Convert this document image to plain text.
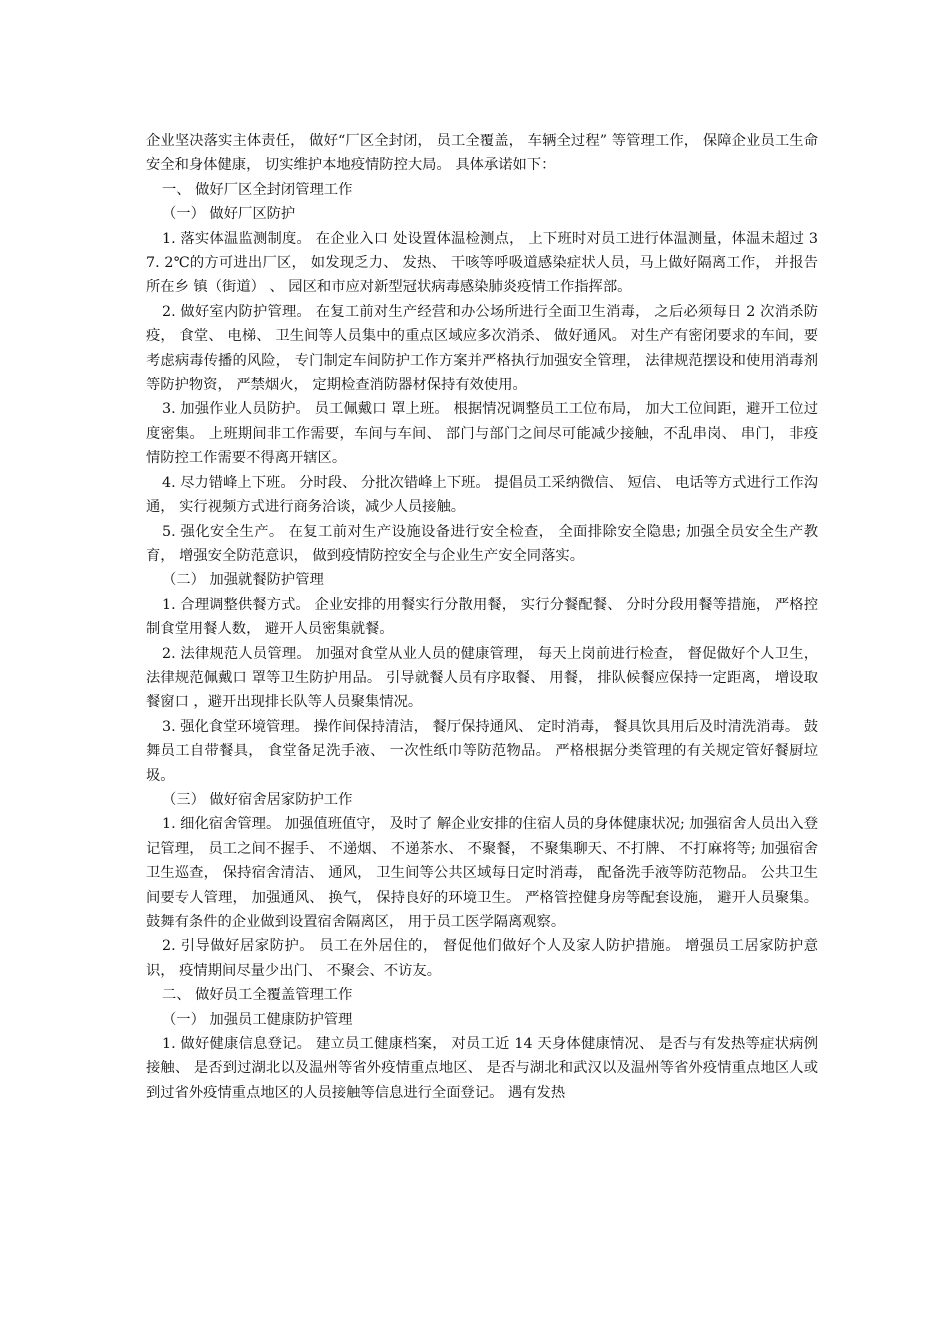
企业坚决落实主体责任， 做好“厂区全封闭， 员工全覆盖， 车辆全过程” 等管理工作， 保障企业员工生命安全和身体健康， 切实维护本地疫情防控大局。 具体承诺如下：

一、 做好厂区全封闭管理工作

（一） 做好厂区防护

1. 落实体温监测制度。 在企业入口 处设置体温检测点， 上下班时对员工进行体温测量，体温未超过 37. 2℃的方可进出厂区， 如发现乏力、 发热、 干咳等呼吸道感染症状人员，马上做好隔离工作， 并报告所在乡 镇（街道） 、 园区和市应对新型冠状病毒感染肺炎疫情工作指挥部。

2. 做好室内防护管理。 在复工前对生产经营和办公场所进行全面卫生消毒， 之后必须每日 2 次消杀防疫， 食堂、 电梯、 卫生间等人员集中的重点区域应多次消杀、 做好通风。 对生产有密闭要求的车间，要考虑病毒传播的风险， 专门制定车间防护工作方案并严格执行加强安全管理， 法律规范摆设和使用消毒剂等防护物资， 严禁烟火， 定期检查消防器材保持有效使用。

3. 加强作业人员防护。 员工佩戴口 罩上班。 根据情况调整员工工位布局， 加大工位间距，避开工位过度密集。 上班期间非工作需要，车间与车间、 部门与部门之间尽可能减少接触，不乱串岗、 串门， 非疫情防控工作需要不得离开辖区。

4. 尽力错峰上下班。 分时段、 分批次错峰上下班。 提倡员工采纳微信、 短信、 电话等方式进行工作沟通， 实行视频方式进行商务洽谈，减少人员接触。

5. 强化安全生产。 在复工前对生产设施设备进行安全检查， 全面排除安全隐患; 加强全员安全生产教育， 增强安全防范意识， 做到疫情防控安全与企业生产安全同落实。

（二） 加强就餐防护管理

1. 合理调整供餐方式。 企业安排的用餐实行分散用餐， 实行分餐配餐、 分时分段用餐等措施， 严格控制食堂用餐人数， 避开人员密集就餐。

2. 法律规范人员管理。 加强对食堂从业人员的健康管理， 每天上岗前进行检查， 督促做好个人卫生， 法律规范佩戴口 罩等卫生防护用品。 引导就餐人员有序取餐、 用餐， 排队候餐应保持一定距离， 增设取餐窗口 ，避开出现排长队等人员聚集情况。

3. 强化食堂环境管理。 操作间保持清洁， 餐厅保持通风、 定时消毒， 餐具饮具用后及时清洗消毒。 鼓舞员工自带餐具， 食堂备足洗手液、 一次性纸巾等防范物品。 严格根据分类管理的有关规定管好餐厨垃圾。

（三） 做好宿舍居家防护工作

1. 细化宿舍管理。 加强值班值守， 及时了 解企业安排的住宿人员的身体健康状况; 加强宿舍人员出入登记管理， 员工之间不握手、 不递烟、 不递茶水、 不聚餐， 不聚集聊天、不打牌、 不打麻将等; 加强宿舍卫生巡查， 保持宿舍清洁、 通风， 卫生间等公共区域每日定时消毒， 配备洗手液等防范物品。 公共卫生间要专人管理， 加强通风、 换气， 保持良好的环境卫生。 严格管控健身房等配套设施， 避开人员聚集。 鼓舞有条件的企业做到设置宿舍隔离区， 用于员工医学隔离观察。

2. 引导做好居家防护。 员工在外居住的， 督促他们做好个人及家人防护措施。 增强员工居家防护意识， 疫情期间尽量少出门、 不聚会、不访友。

二、 做好员工全覆盖管理工作

（一） 加强员工健康防护管理

1. 做好健康信息登记。 建立员工健康档案， 对员工近 14 天身体健康情况、 是否与有发热等症状病例接触、 是否到过湖北以及温州等省外疫情重点地区、 是否与湖北和武汉以及温州等省外疫情重点地区人或到过省外疫情重点地区的人员接触等信息进行全面登记。 遇有发热
